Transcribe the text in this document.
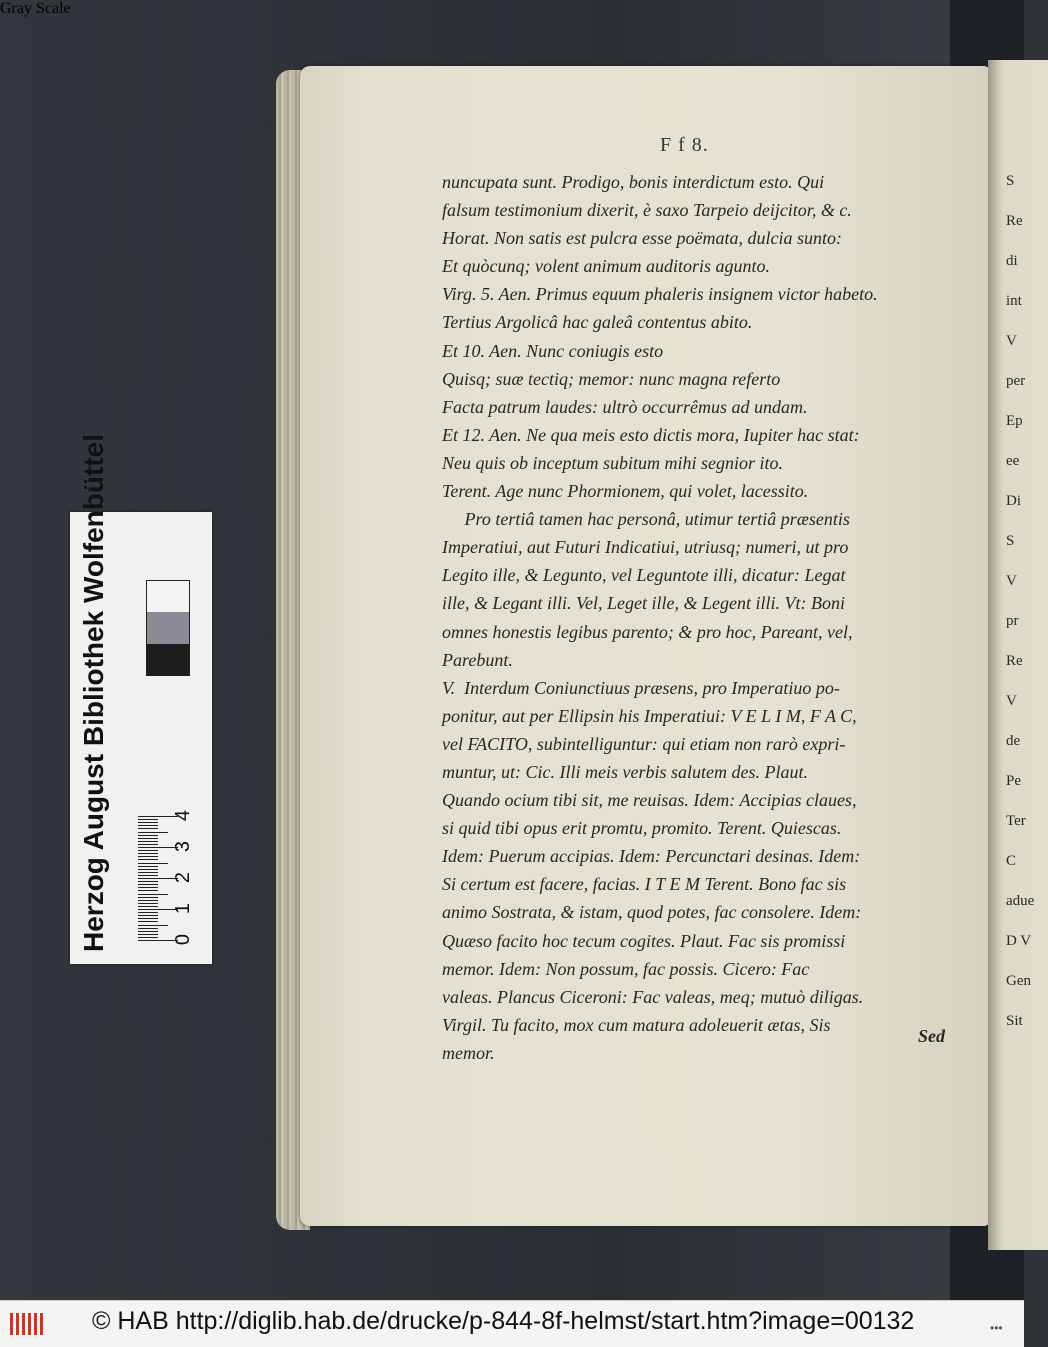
F f 8.
nuncupata sunt. Prodigo, bonis interdictum esto. Qui
falsum testimonium dixerit, è saxo Tarpeio deijcitor, & c.
Horat. Non satis est pulcra esse poëmata, dulcia sunto:
Et quòcunq; volent animum auditoris agunto.
Virg. 5. Aen. Primus equum phaleris insignem victor habeto.
Tertius Argolicâ hac galeâ contentus abito.
Et 10. Aen. Nunc coniugis esto
Quisq; suæ tectiq; memor: nunc magna referto
Facta patrum laudes: ultrò occurrêmus ad undam.
Et 12. Aen. Ne qua meis esto dictis mora, Iupiter hac stat:
Neu quis ob inceptum subitum mihi segnior ito.
Terent. Age nunc Phormionem, qui volet, lacessito.
Pro tertiâ tamen hac personâ, utimur tertiâ præsentis
Imperatiui, aut Futuri Indicatiui, utriusq; numeri, ut pro
Legito ille, & Legunto, vel Leguntote illi, dicatur: Legat
ille, & Legant illi. Vel, Leget ille, & Legent illi. Vt: Boni
omnes honestis legibus parento; & pro hoc, Pareant, vel,
Parebunt.
V.  Interdum Coniunctiuus præsens, pro Imperatiuo po-
ponitur, aut per Ellipsin his Imperatiui: V E L I M, F A C,
vel FACITO, subintelliguntur: qui etiam non rarò expri-
muntur, ut: Cic. Illi meis verbis salutem des. Plaut.
Quando ocium tibi sit, me reuisas. Idem: Accipias claues,
si quid tibi opus erit promtu, promito. Terent. Quiescas.
Idem: Puerum accipias. Idem: Percunctari desinas. Idem:
Si certum est facere, facias. I T E M Terent. Bono fac sis
animo Sostrata, & istam, quod potes, fac consolere. Idem:
Quæso facito hoc tecum cogites. Plaut. Fac sis promissi
memor. Idem: Non possum, fac possis. Cicero: Fac
valeas. Plancus Ciceroni: Fac valeas, meq; mutuò diligas.
Virgil. Tu facito, mox cum matura adoleuerit ætas, Sis
memor.
Sed
S
Re
di
int
V
per
Ep
ee
Di
S
V
pr
Re
V
de
Pe
Ter
C
adue
D V
Gen
Sit
Herzog August Bibliothek Wolfenbüttel
Gray Scale
0
1
2
3
4
© HAB http://diglib.hab.de/drucke/p-844-8f-helmst/start.htm?image=00132	•••
